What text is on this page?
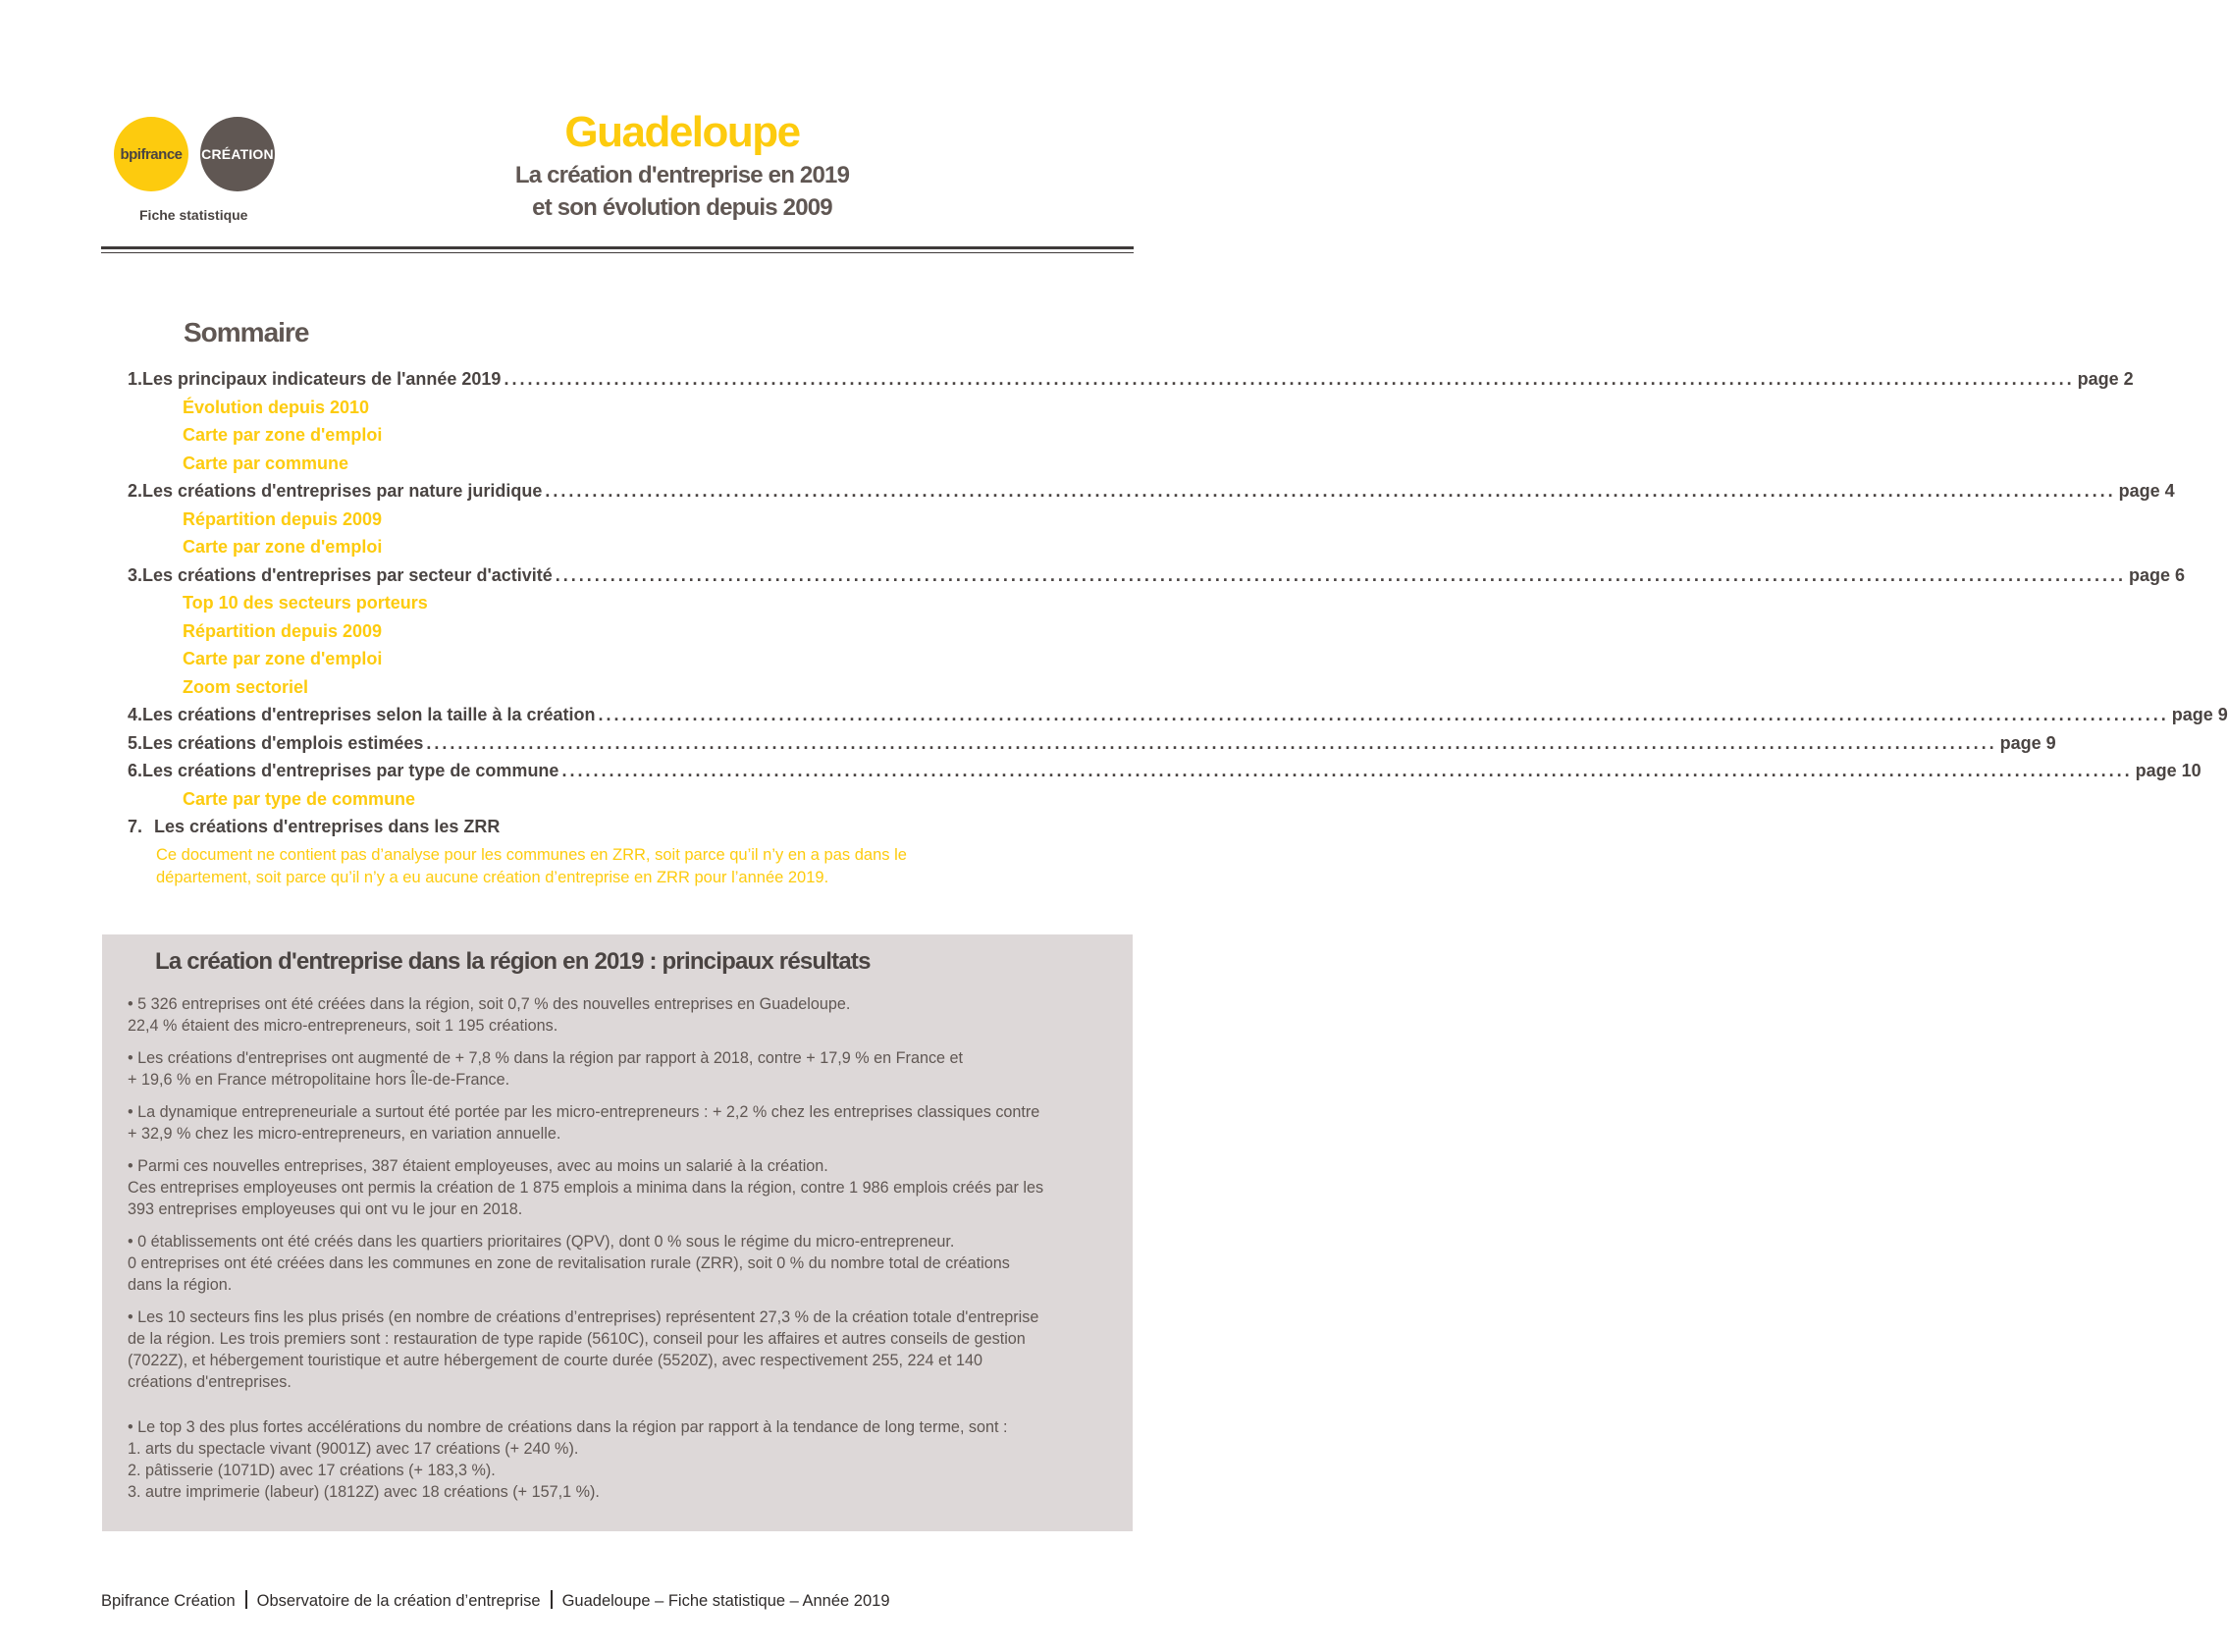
bpifrance CRÉATION
Fiche statistique
Guadeloupe
La création d'entreprise en 2019
et son évolution depuis 2009
Sommaire
1. Les principaux indicateurs de l'année 2019 ........................................................................................................................................................................................................ page 2
Évolution depuis 2010
Carte par zone d'emploi
Carte par commune
2. Les créations d'entreprises par nature juridique ........................................................................................................................................................................................................ page 4
Répartition depuis 2009
Carte par zone d'emploi
3. Les créations d'entreprises par secteur d'activité ........................................................................................................................................................................................................ page 6
Top 10 des secteurs porteurs
Répartition depuis 2009
Carte par zone d'emploi
Zoom sectoriel
4. Les créations d'entreprises selon la taille à la création ........................................................................................................................................................................................................ page 9
5. Les créations d'emplois estimées ........................................................................................................................................................................................................ page 9
6. Les créations d'entreprises par type de commune ........................................................................................................................................................................................................ page 10
Carte par type de commune
7. Les créations d'entreprises dans les ZRR
Ce document ne contient pas d’analyse pour les communes en ZRR, soit parce qu’il n’y en a pas dans le
département, soit parce qu’il n’y a eu aucune création d’entreprise en ZRR pour l’année 2019.
La création d'entreprise dans la région en 2019 : principaux résultats
• 5 326 entreprises ont été créées dans la région, soit 0,7 % des nouvelles entreprises en Guadeloupe.
22,4 % étaient des micro-entrepreneurs, soit 1 195 créations.
• Les créations d'entreprises ont augmenté de + 7,8 % dans la région par rapport à 2018, contre + 17,9 % en France et
+ 19,6 % en France métropolitaine hors Île-de-France.
• La dynamique entrepreneuriale a surtout été portée par les micro-entrepreneurs : + 2,2 % chez les entreprises classiques contre
+ 32,9 % chez les micro-entrepreneurs, en variation annuelle.
• Parmi ces nouvelles entreprises, 387 étaient employeuses, avec au moins un salarié à la création.
Ces entreprises employeuses ont permis la création de 1 875 emplois a minima dans la région, contre 1 986 emplois créés par les
393 entreprises employeuses qui ont vu le jour en 2018.
• 0 établissements ont été créés dans les quartiers prioritaires (QPV), dont 0 % sous le régime du micro-entrepreneur.
0 entreprises ont été créées dans les communes en zone de revitalisation rurale (ZRR), soit 0 % du nombre total de créations
dans la région.
• Les 10 secteurs fins les plus prisés (en nombre de créations d’entreprises) représentent 27,3 % de la création totale d'entreprise
de la région. Les trois premiers sont : restauration de type rapide (5610C), conseil pour les affaires et autres conseils de gestion
(7022Z), et hébergement touristique et autre hébergement de courte durée (5520Z), avec respectivement 255, 224 et 140
créations d'entreprises.
• Le top 3 des plus fortes accélérations du nombre de créations dans la région par rapport à la tendance de long terme, sont :
1. arts du spectacle vivant (9001Z) avec 17 créations (+ 240 %).
2. pâtisserie (1071D) avec 17 créations (+ 183,3 %).
3. autre imprimerie (labeur) (1812Z) avec 18 créations (+ 157,1 %).
Bpifrance Création Observatoire de la création d’entreprise Guadeloupe – Fiche statistique – Année 2019
